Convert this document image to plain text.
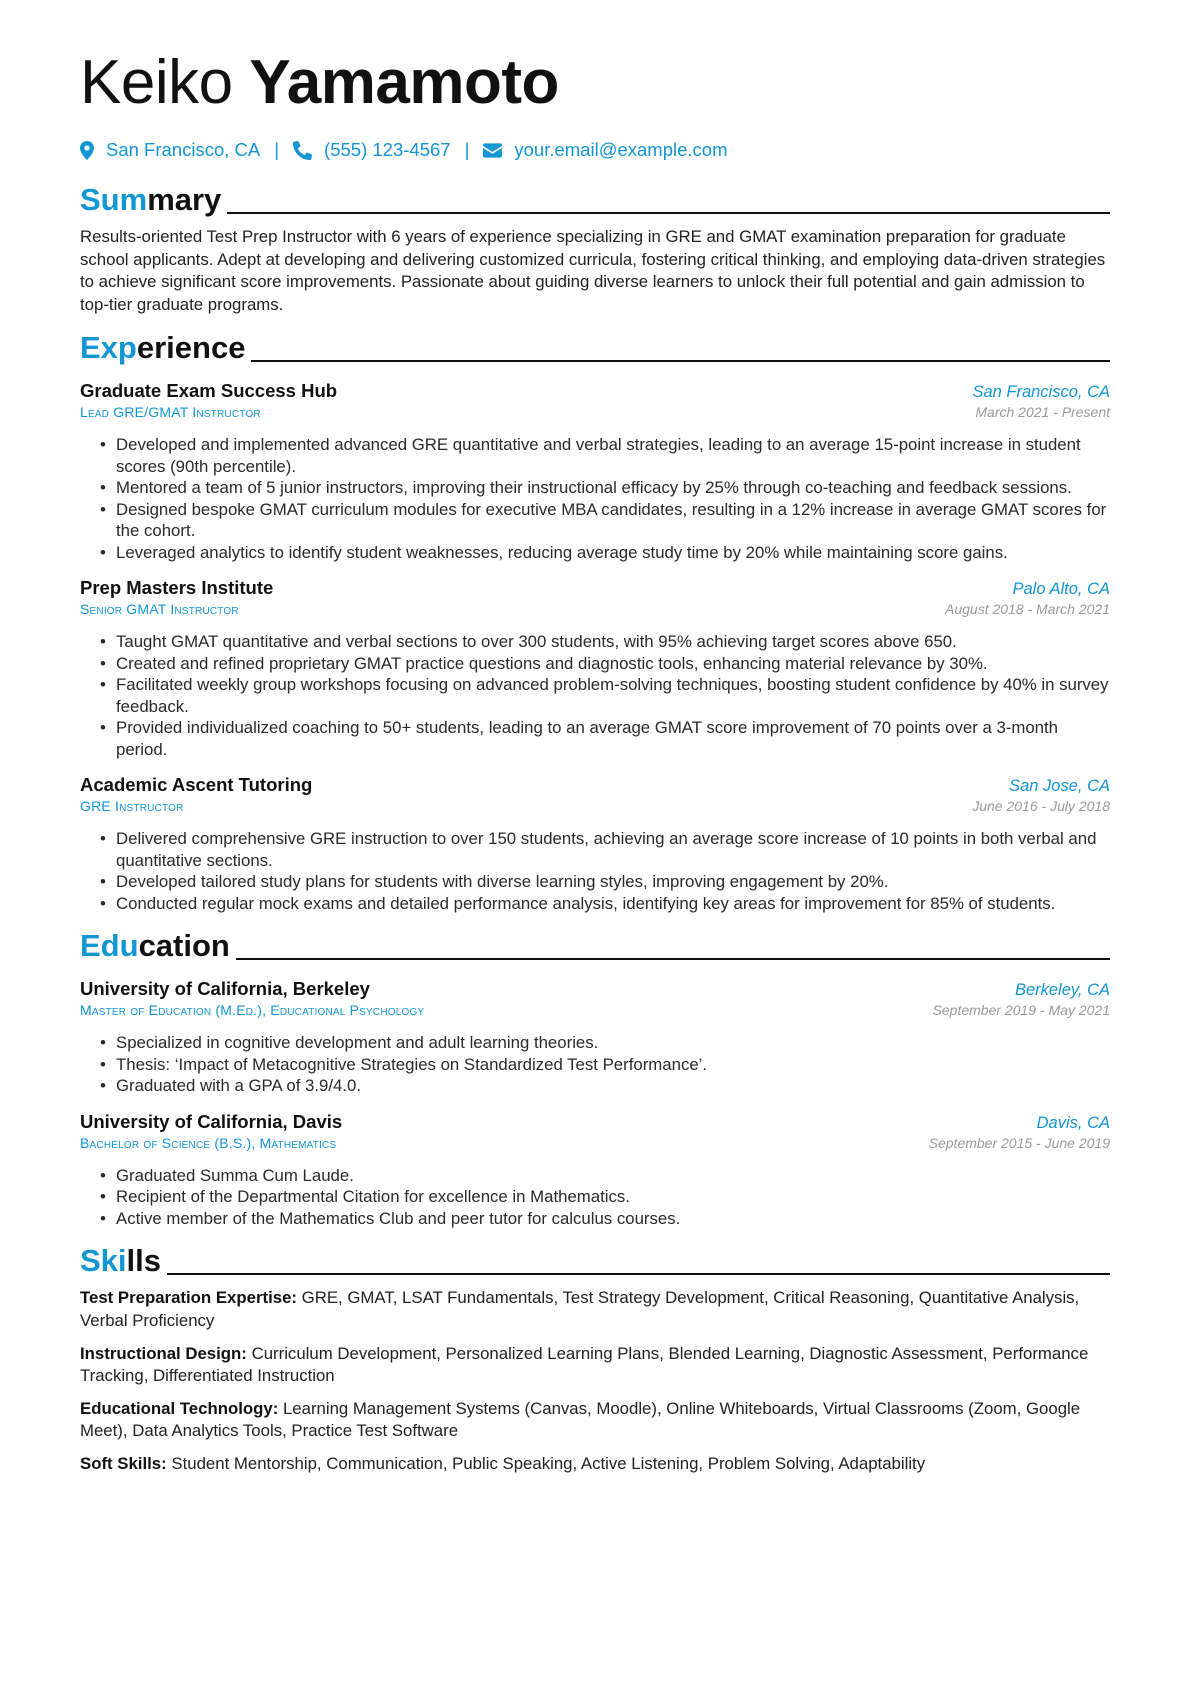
Keiko Yamamoto
San Francisco, CA | (555) 123-4567 | your.email@example.com
Summary

Results-oriented Test Prep Instructor with 6 years of experience specializing in GRE and GMAT examination preparation for graduate school applicants. Adept at developing and delivering customized curricula, fostering critical thinking, and employing data-driven strategies to achieve significant score improvements. Passionate about guiding diverse learners to unlock their full potential and gain admission to top-tier graduate programs.

Experience
Graduate Exam Success Hub	San Francisco, CA
Lead GRE/GMAT Instructor	March 2021 - Present
• Developed and implemented advanced GRE quantitative and verbal strategies, leading to an average 15-point increase in student scores (90th percentile).
• Mentored a team of 5 junior instructors, improving their instructional efficacy by 25% through co-teaching and feedback sessions.
• Designed bespoke GMAT curriculum modules for executive MBA candidates, resulting in a 12% increase in average GMAT scores for the cohort.
• Leveraged analytics to identify student weaknesses, reducing average study time by 20% while maintaining score gains.
Prep Masters Institute	Palo Alto, CA
Senior GMAT Instructor	August 2018 - March 2021
• Taught GMAT quantitative and verbal sections to over 300 students, with 95% achieving target scores above 650.
• Created and refined proprietary GMAT practice questions and diagnostic tools, enhancing material relevance by 30%.
• Facilitated weekly group workshops focusing on advanced problem-solving techniques, boosting student confidence by 40% in survey feedback.
• Provided individualized coaching to 50+ students, leading to an average GMAT score improvement of 70 points over a 3-month period.
Academic Ascent Tutoring	San Jose, CA
GRE Instructor	June 2016 - July 2018
• Delivered comprehensive GRE instruction to over 150 students, achieving an average score increase of 10 points in both verbal and quantitative sections.
• Developed tailored study plans for students with diverse learning styles, improving engagement by 20%.
• Conducted regular mock exams and detailed performance analysis, identifying key areas for improvement for 85% of students.
Education
University of California, Berkeley	Berkeley, CA
Master of Education (M.Ed.), Educational Psychology	September 2019 - May 2021
• Specialized in cognitive development and adult learning theories.
• Thesis: ‘Impact of Metacognitive Strategies on Standardized Test Performance’.
• Graduated with a GPA of 3.9/4.0.
University of California, Davis	Davis, CA
Bachelor of Science (B.S.), Mathematics	September 2015 - June 2019
• Graduated Summa Cum Laude.
• Recipient of the Departmental Citation for excellence in Mathematics.
• Active member of the Mathematics Club and peer tutor for calculus courses.
Skills
Test Preparation Expertise: GRE, GMAT, LSAT Fundamentals, Test Strategy Development, Critical Reasoning, Quantitative Analysis, Verbal Proficiency
Instructional Design: Curriculum Development, Personalized Learning Plans, Blended Learning, Diagnostic Assessment, Performance Tracking, Differentiated Instruction
Educational Technology: Learning Management Systems (Canvas, Moodle), Online Whiteboards, Virtual Classrooms (Zoom, Google Meet), Data Analytics Tools, Practice Test Software
Soft Skills: Student Mentorship, Communication, Public Speaking, Active Listening, Problem Solving, Adaptability
